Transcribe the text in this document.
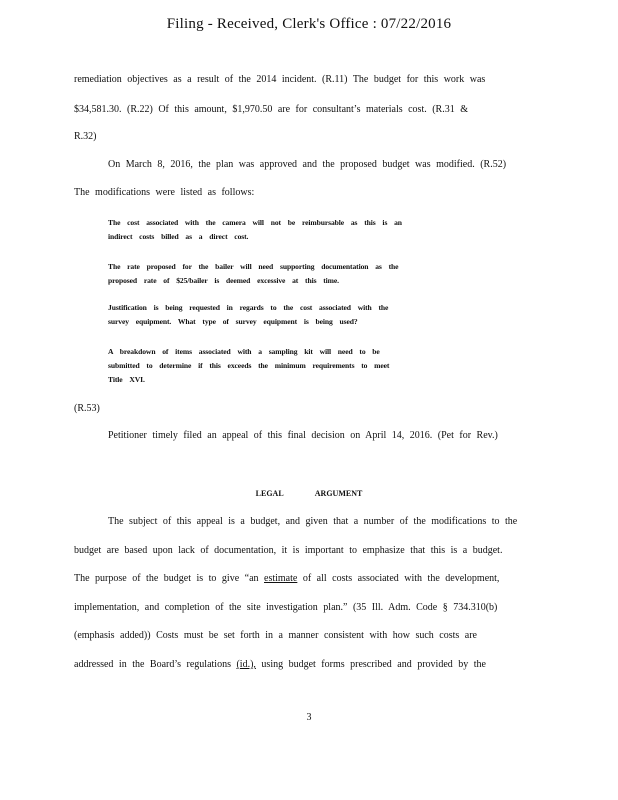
Filing - Received, Clerk's Office : 07/22/2016
remediation objectives as a result of the 2014 incident. (R.11) The budget for this work was
$34,581.30. (R.22) Of this amount, $1,970.50 are for consultant’s materials cost. (R.31 &
R.32)
On March 8, 2016, the plan was approved and the proposed budget was modified. (R.52)
The modifications were listed as follows:
The cost associated with the camera will not be reimbursable as this is an
indirect costs billed as a direct cost.
The rate proposed for the bailer will need supporting documentation as the
proposed rate of $25/bailer is deemed excessive at this time.
Justification is being requested in regards to the cost associated with the
survey equipment. What type of survey equipment is being used?
A breakdown of items associated with a sampling kit will need to be
submitted to determine if this exceeds the minimum requirements to meet
Title XVI.
(R.53)
Petitioner timely filed an appeal of this final decision on April 14, 2016. (Pet for Rev.)
LEGAL ARGUMENT
The subject of this appeal is a budget, and given that a number of the modifications to the
budget are based upon lack of documentation, it is important to emphasize that this is a budget.
The purpose of the budget is to give “an estimate of all costs associated with the development,
implementation, and completion of the site investigation plan.” (35 Ill. Adm. Code § 734.310(b)
(emphasis added)) Costs must be set forth in a manner consistent with how such costs are
addressed in the Board’s regulations (id.), using budget forms prescribed and provided by the
3
